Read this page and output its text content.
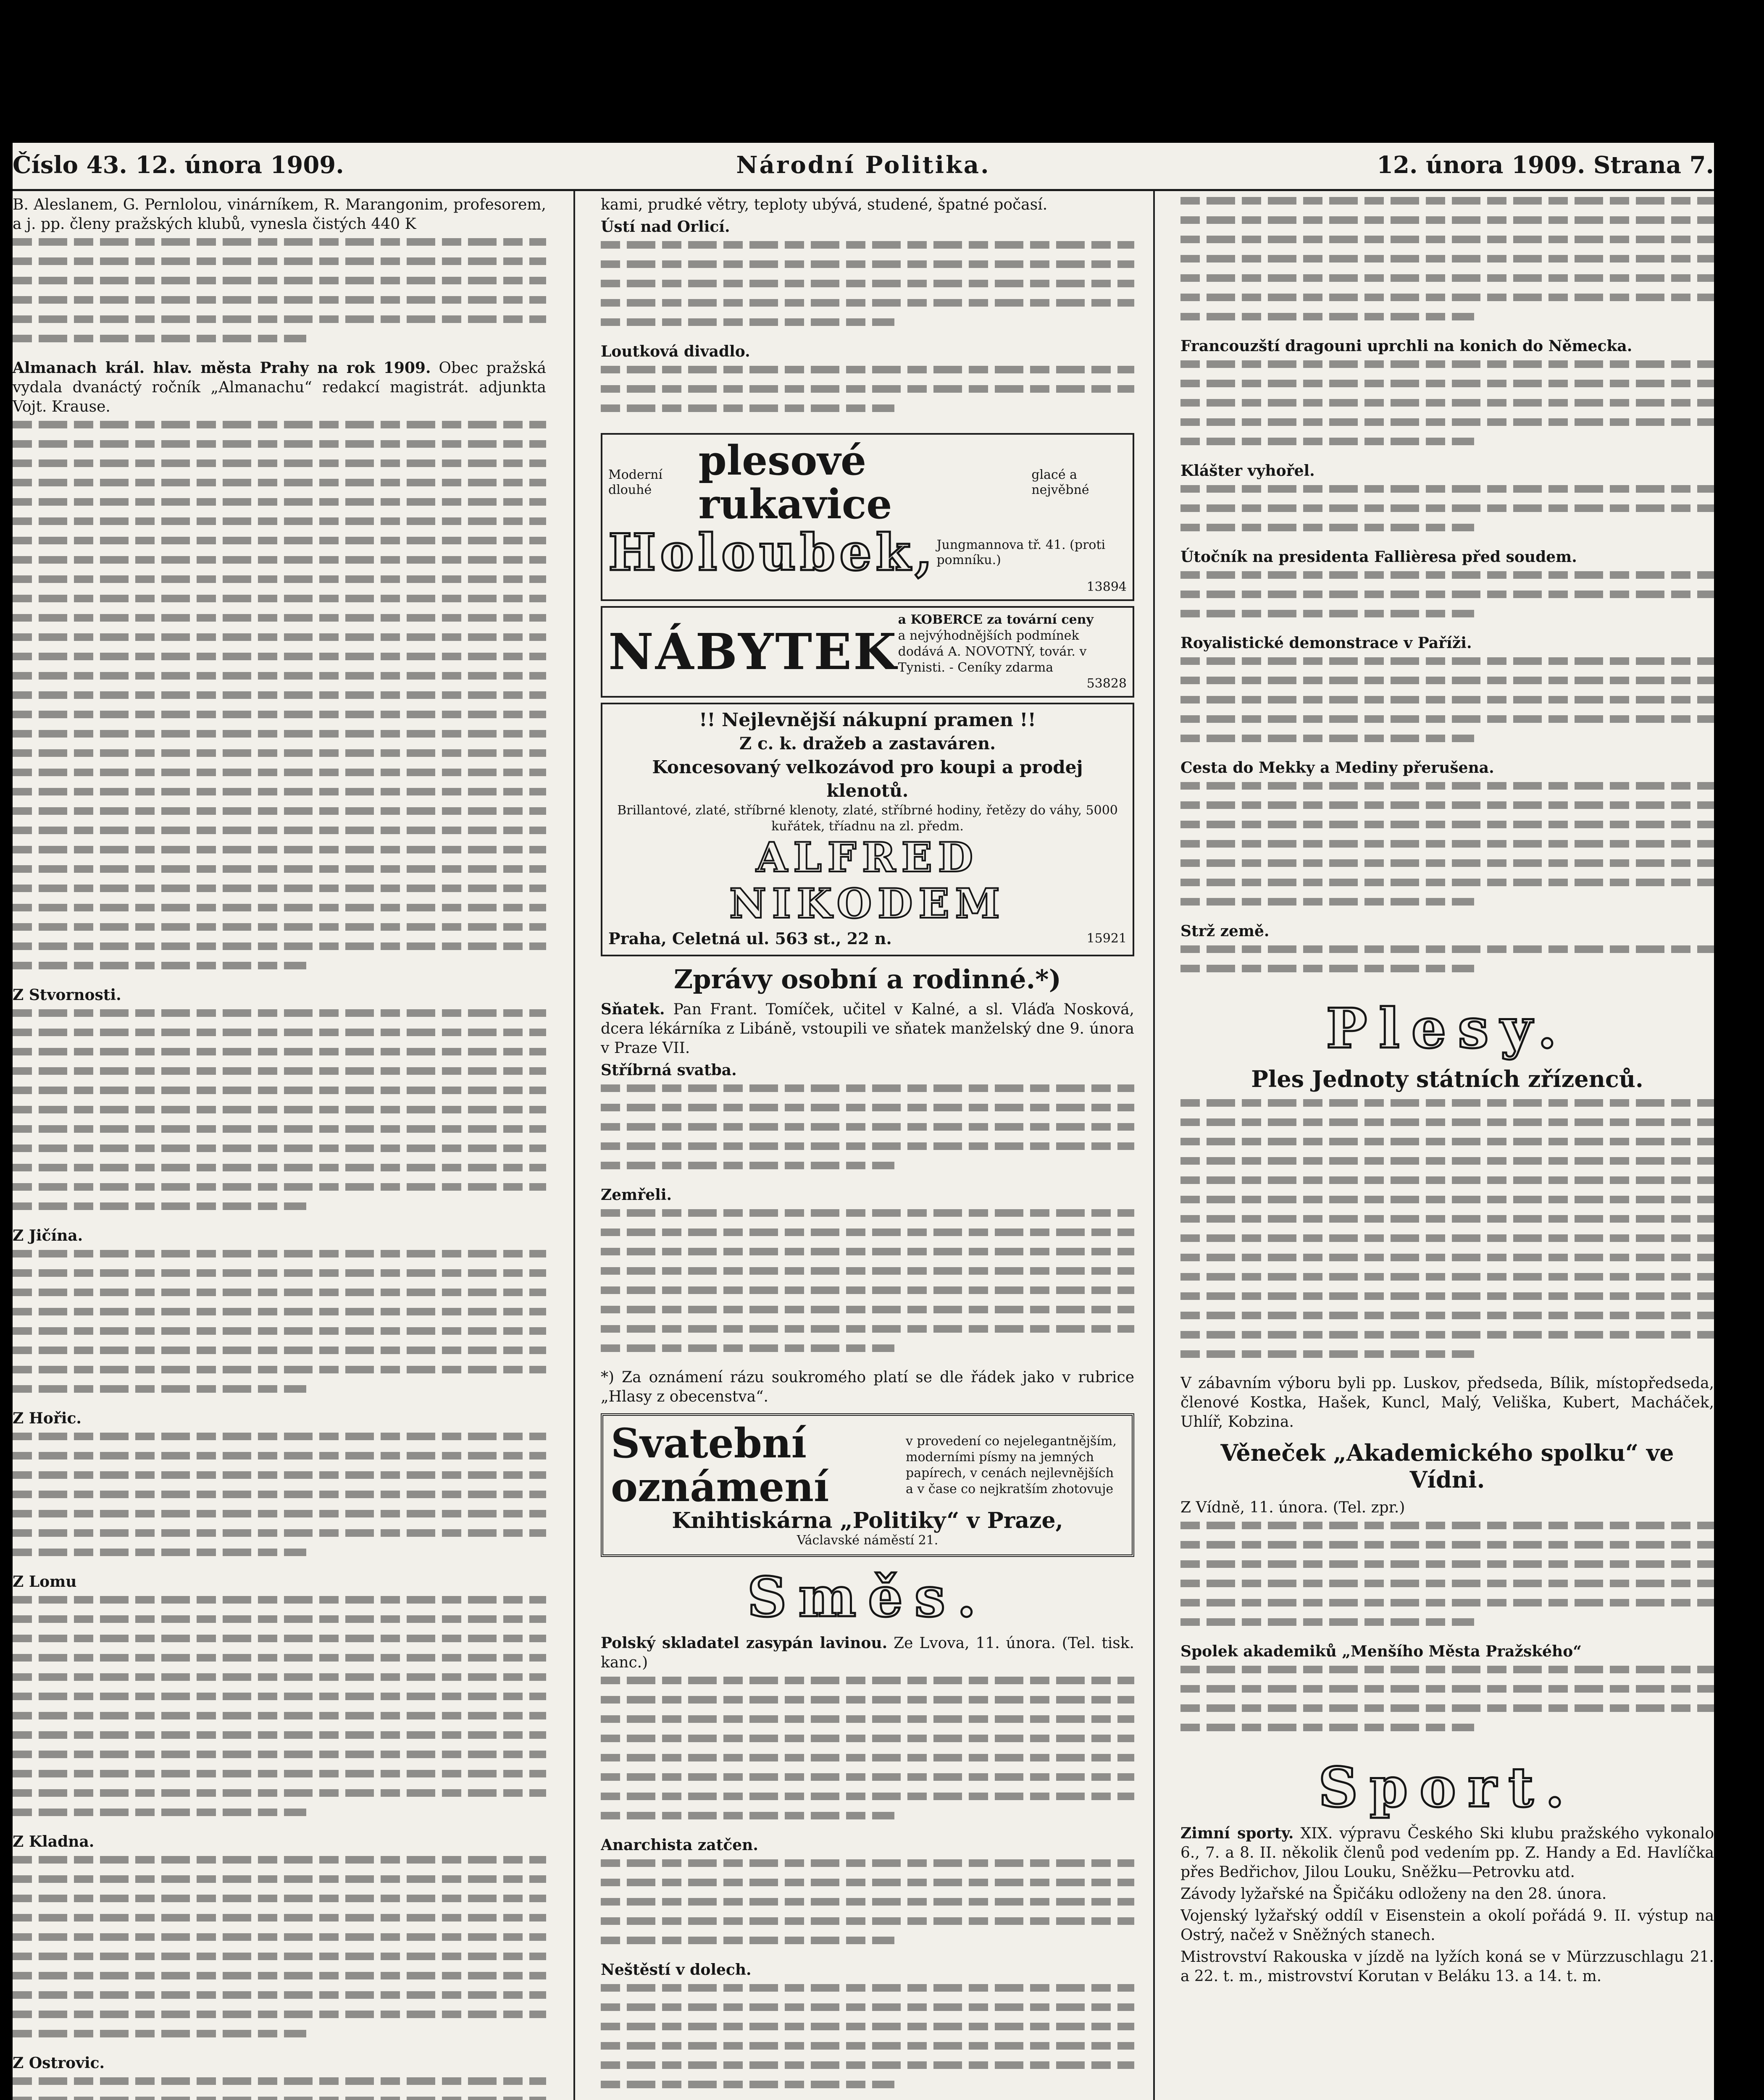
Národní Politika.
Číslo 43. 12. února 1909.	12. února 1909. Strana 7.

B. Aleslanem, G. Pernlolou, vinárníkem, R. Marangonim, profesorem, a j. pp. členy pražských klubů, vynesla čistých 440 K

Almanach král. hlav. města Prahy na rok 1909. Obec pražská vydala dvanáctý ročník „Almanachu“ redakcí magistrát. adjunkta Vojt. Krause.

Z Stvornosti.

Z Jičína.

Z Hořic.

Z Lomu

Z Kladna.

Z Ostrovic.

kami, prudké větry, teploty ubývá, studené, špatné počasí.

Ústí nad Orlicí.

Loutková divadlo.

Moderní dlouhé
plesové rukavice
glacé a nejvěbné
Holoubek, Jungmannova tř. 41. (proti pomníku.)
13894
NÁBYTEK
a KOBERCE za tovární ceny
a nejvýhodnějších podmínek dodává A. NOVOTNÝ, továr. v Tynisti. - Ceníky zdarma
53828
!! Nejlevnější nákupní pramen !!
Z c. k. dražeb a zastaváren.
Koncesovaný velkozávod pro koupi a prodej klenotů.
Brillantové, zlaté, stříbrné klenoty, zlaté, stříbrné hodiny, řetězy do váhy, 5000 kuřátek, tříadnu na zl. předm.
ALFRED NIKODEM
Praha, Celetná ul. 563 st., 22 n.	15921
Zprávy osobní a rodinné.*)

Sňatek. Pan Frant. Tomíček, učitel v Kalné, a sl. Vláďa Nosková, dcera lékárníka z Libáně, vstoupili ve sňatek manželský dne 9. února v Praze VII.

Stříbrná svatba.

Zemřeli.

*) Za oznámení rázu soukromého platí se dle řádek jako v rubrice „Hlasy z obecenstva“.

Svatební
oznámení
v provedení co nejelegantnějším, moderními písmy na jemných papírech, v cenách nejlevnějších a v čase co nejkratším zhotovuje
Knihtiskárna „Politiky“ v Praze,
Václavské náměstí 21.
Směs.

Polský skladatel zasypán lavinou. Ze Lvova, 11. února. (Tel. tisk. kanc.)

Anarchista zatčen.

Neštěstí v dolech.

Francouzští dragouni uprchli na konich do Německa.

Klášter vyhořel.

Útočník na presidenta Fallièresa před soudem.

Royalistické demonstrace v Paříži.

Cesta do Mekky a Mediny přerušena.

Strž země.

Plesy.
Ples Jednoty státních zřízenců.

V zábavním výboru byli pp. Luskov, předseda, Bílik, místopředseda, členové Kostka, Hašek, Kuncl, Malý, Veliška, Kubert, Macháček, Uhlíř, Kobzina.

Věneček „Akademického spolku“ ve Vídni.

Z Vídně, 11. února. (Tel. zpr.)

Spolek akademiků „Menšího Města Pražského“

Sport.

Zimní sporty. XIX. výpravu Českého Ski klubu pražského vykonalo 6., 7. a 8. II. několik členů pod vedením pp. Z. Handy a Ed. Havlíčka přes Bedřichov, Jilou Louku, Sněžku—Petrovku atd.

Závody lyžařské na Špičáku odloženy na den 28. února.

Vojenský lyžařský oddíl v Eisenstein a okolí pořádá 9. II. výstup na Ostrý, načež v Sněžných stanech.

Mistrovství Rakouska v jízdě na lyžích koná se v Mürzzuschlagu 21. a 22. t. m., mistrovství Korutan v Beláku 13. a 14. t. m.
